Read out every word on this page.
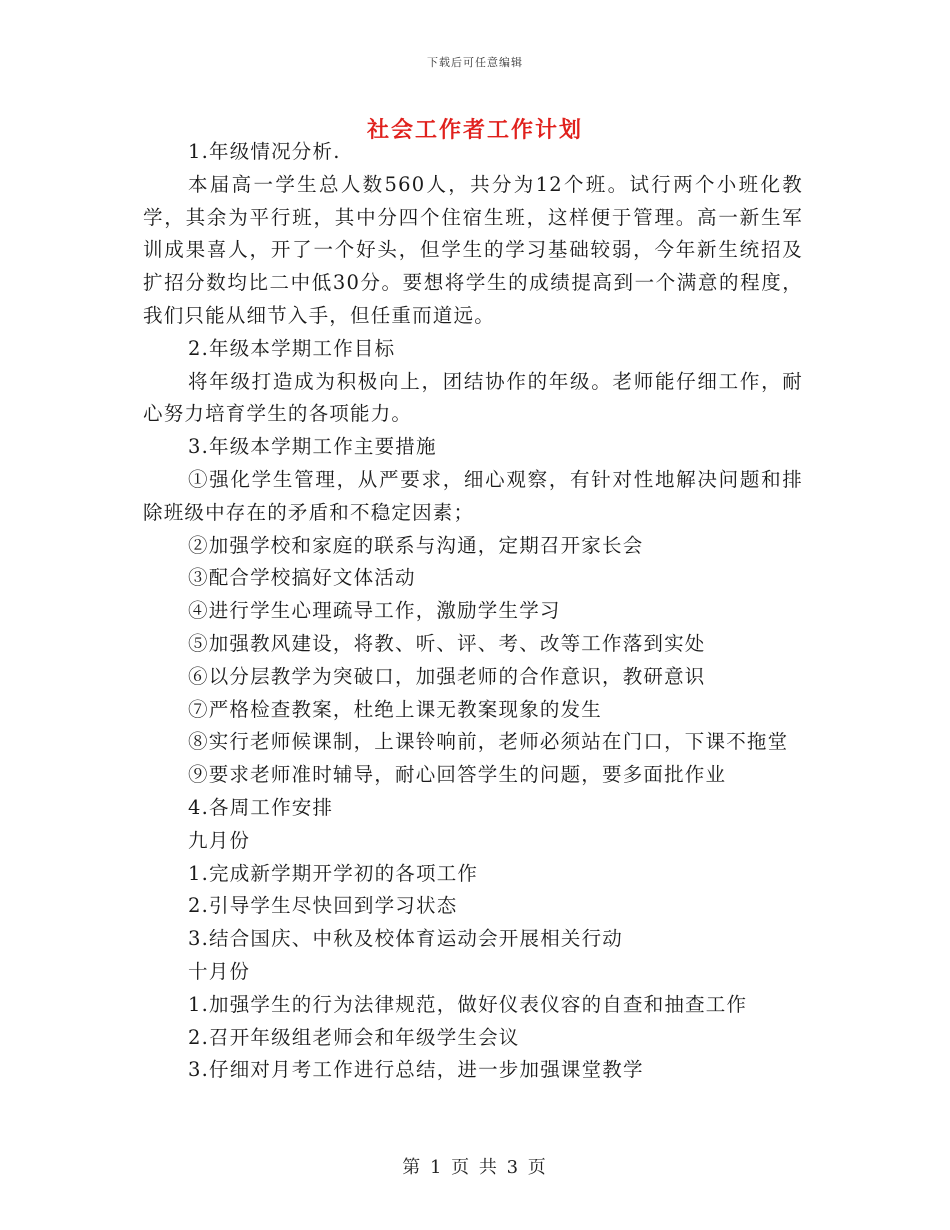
下载后可任意编辑
社会工作者工作计划

1.年级情况分析.

本届高一学生总人数560人，共分为12个班。试行两个小班化教学，其余为平行班，其中分四个住宿生班，这样便于管理。高一新生军训成果喜人，开了一个好头，但学生的学习基础较弱，今年新生统招及扩招分数均比二中低30分。要想将学生的成绩提高到一个满意的程度，我们只能从细节入手，但任重而道远。

2.年级本学期工作目标

将年级打造成为积极向上，团结协作的年级。老师能仔细工作，耐心努力培育学生的各项能力。

3.年级本学期工作主要措施

①强化学生管理，从严要求，细心观察，有针对性地解决问题和排除班级中存在的矛盾和不稳定因素；

②加强学校和家庭的联系与沟通，定期召开家长会

③配合学校搞好文体活动

④进行学生心理疏导工作，激励学生学习

⑤加强教风建设，将教、听、评、考、改等工作落到实处

⑥以分层教学为突破口，加强老师的合作意识，教研意识

⑦严格检查教案，杜绝上课无教案现象的发生

⑧实行老师候课制，上课铃响前，老师必须站在门口，下课不拖堂

⑨要求老师准时辅导，耐心回答学生的问题，要多面批作业

4.各周工作安排

九月份

1.完成新学期开学初的各项工作

2.引导学生尽快回到学习状态

3.结合国庆、中秋及校体育运动会开展相关行动

十月份

1.加强学生的行为法律规范，做好仪表仪容的自查和抽查工作

2.召开年级组老师会和年级学生会议

3.仔细对月考工作进行总结，进一步加强课堂教学

第 1 页 共 3 页
